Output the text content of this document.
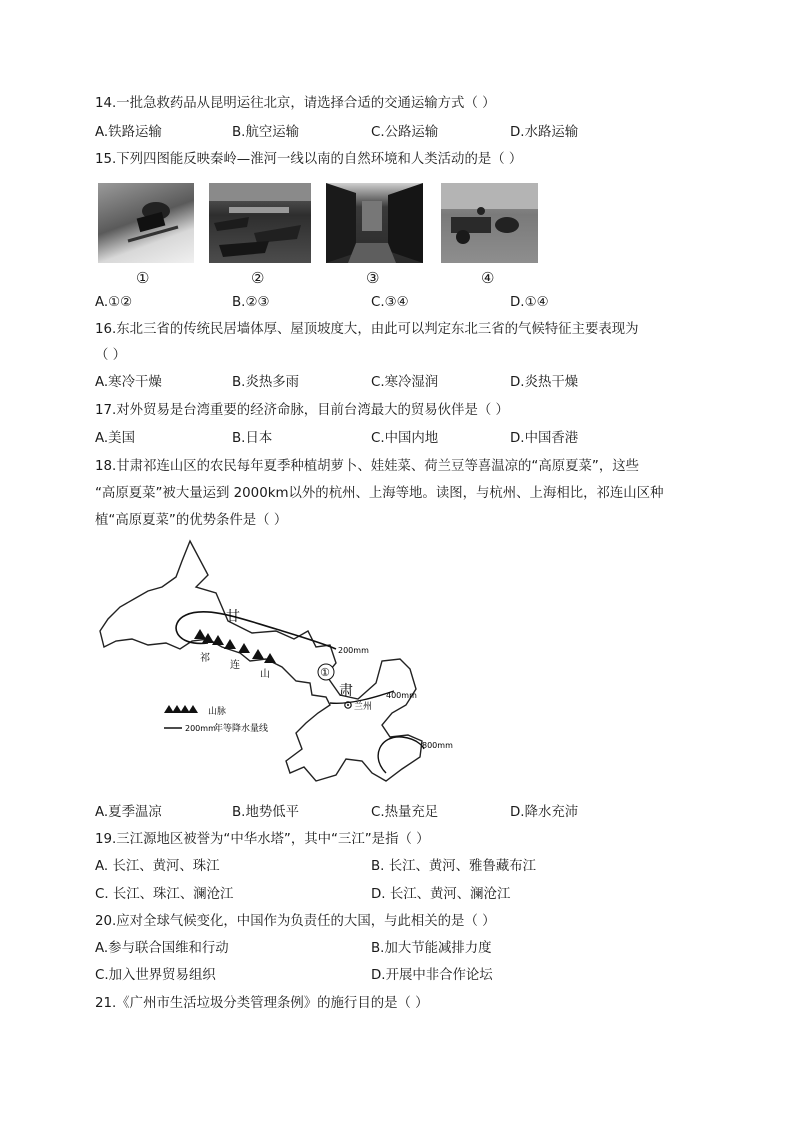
14.一批急救药品从昆明运往北京，请选择合适的交通运输方式（ ）
A.铁路运输	B.航空运输	C.公路运输	D.水路运输
15.下列四图能反映秦岭—淮河一线以南的自然环境和人类活动的是（ ）
①	②	③	④
A.①②	B.②③	C.③④	D.①④
16.东北三省的传统民居墙体厚、屋顶坡度大，由此可以判定东北三省的气候特征主要表现为
（ ）
A.寒冷干燥	B.炎热多雨	C.寒冷湿润	D.炎热干燥
17.对外贸易是台湾重要的经济命脉，目前台湾最大的贸易伙伴是（ ）
A.美国	B.日本	C.中国内地	D.中国香港
18.甘肃祁连山区的农民每年夏季种植胡萝卜、娃娃菜、荷兰豆等喜温凉的“高原夏菜”，这些
“高原夏菜”被大量运到 2000km以外的杭州、上海等地。读图，与杭州、上海相比，祁连山区种
植“高原夏菜”的优势条件是（ ）
甘
肃
祁
连
山	①
兰州
200mm
400mm
800mm
山脉
200mm
年等降水量线
A.夏季温凉	B.地势低平	C.热量充足	D.降水充沛
19.三江源地区被誉为“中华水塔”，其中“三江”是指（ ）
A. 长江、黄河、珠江	B. 长江、黄河、雅鲁藏布江
C. 长江、珠江、澜沧江	D. 长江、黄河、澜沧江
20.应对全球气候变化，中国作为负责任的大国，与此相关的是（ ）
A.参与联合国维和行动	B.加大节能减排力度
C.加入世界贸易组织	D.开展中非合作论坛
21.《广州市生活垃圾分类管理条例》的施行目的是（ ）
